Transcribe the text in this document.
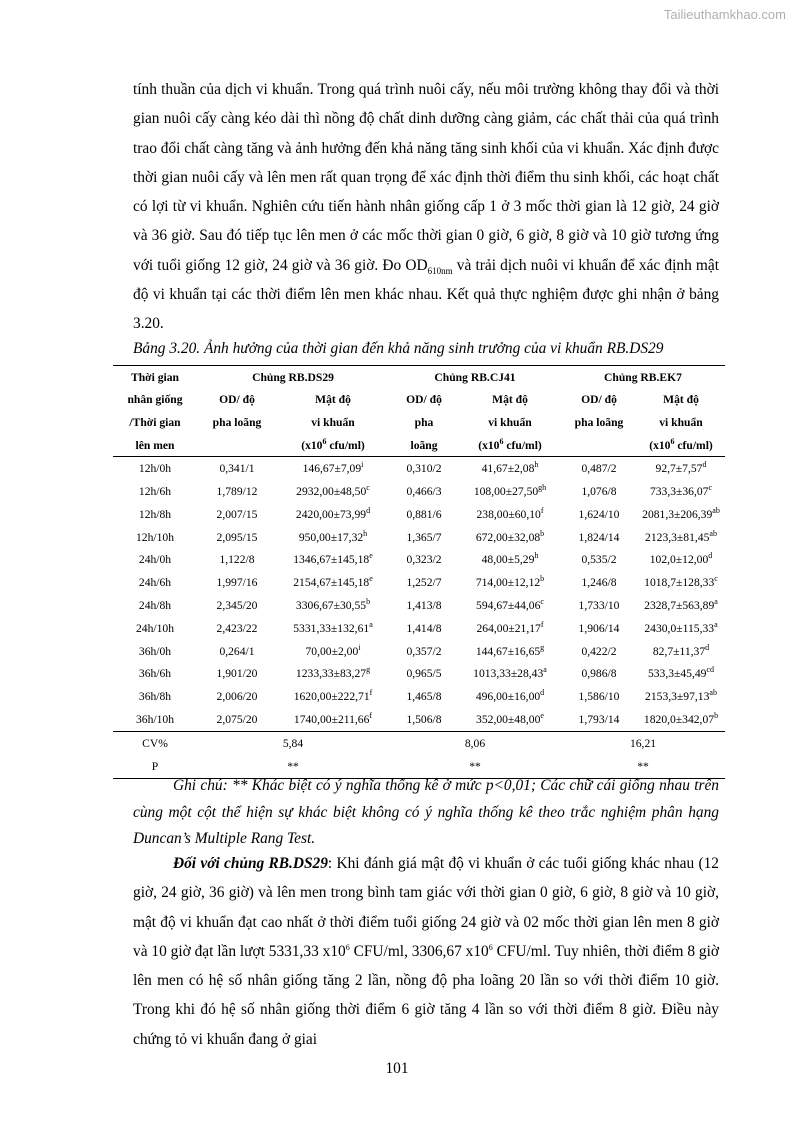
Tailieuthamkhao.com

tính thuần của dịch vi khuẩn. Trong quá trình nuôi cấy, nếu môi trường không thay đổi và thời gian nuôi cấy càng kéo dài thì nồng độ chất dinh dưỡng càng giảm, các chất thải của quá trình trao đổi chất càng tăng và ảnh hưởng đến khả năng tăng sinh khối của vi khuẩn. Xác định được thời gian nuôi cấy và lên men rất quan trọng để xác định thời điểm thu sinh khối, các hoạt chất có lợi từ vi khuẩn. Nghiên cứu tiến hành nhân giống cấp 1 ở 3 mốc thời gian là 12 giờ, 24 giờ và 36 giờ. Sau đó tiếp tục lên men ở các mốc thời gian 0 giờ, 6 giờ, 8 giờ và 10 giờ tương ứng với tuổi giống 12 giờ, 24 giờ và 36 giờ. Đo $OD_{610nm}$ và trải dịch nuôi vi khuẩn để xác định mật độ vi khuẩn tại các thời điểm lên men khác nhau. Kết quả thực nghiệm được ghi nhận ở bảng 3.20.

Bảng 3.20. Ảnh hưởng của thời gian đến khả năng sinh trưởng của vi khuẩn RB.DS29

Thời gian	Chủng RB.DS29		Chủng RB.CJ41		Chủng RB.EK7	
nhân giống	OD/ độ	Mật độ	OD/ độ	Mật độ	OD/ độ	Mật độ
/Thời gian	pha loãng	vi khuẩn	pha	vi khuẩn	pha loãng	vi khuẩn
lên men		($x10^6$ cfu/ml)	loãng	($x10^6$ cfu/ml)		($x10^6$ cfu/ml)
12h/0h	0,341/1	$146,67\pm 7,09^i$	0,310/2	41,67±2,08$^h$	0,487/2	92,7±7,57$^d$
12h/6h	1,789/12	2932,00±48,50$^c$	0,466/3	108,00±27,50$^{gh}$	1,076/8	733,3±36,07$^c$
12h/8h	2,007/15	2420,00±73,99$^d$	0,881/6	238,00±60,10$^f$	1,624/10	2081,3±206,39$^{ab}$
12h/10h	2,095/15	950,00±17,32$^h$	1,365/7	672,00±32,08$^b$	1,824/14	2123,3±81,45$^{ab}$
24h/0h	1,122/8	1346,67±145,18$^e$	0,323/2	48,00±5,29$^h$	0,535/2	102,0±12,00$^d$
24h/6h	1,997/16	2154,67±145,18$^e$	1,252/7	714,00±12,12$^b$	1,246/8	1018,7±128,33$^c$
24h/8h	2,345/20	3306,67±30,55$^b$	1,413/8	594,67±44,06$^c$	1,733/10	2328,7±563,89$^a$
24h/10h	2,423/22	5331,33±132,61$^a$	1,414/8	264,00±21,17$^f$	1,906/14	2430,0±115,33$^a$
36h/0h	0,264/1	$70,00\pm 2,00^i$	0,357/2	144,67±16,65$^g$	0,422/2	82,7±11,37$^d$
36h/6h	1,901/20	1233,33±83,27$^g$	0,965/5	1013,33±28,43$^a$	0,986/8	533,3±45,49$^{cd}$
36h/8h	2,006/20	1620,00±222,71$^f$	1,465/8	496,00±16,00$^d$	1,586/10	2153,3±97,13$^{ab}$
36h/10h	2,075/20	1740,00±211,66$^f$	1,506/8	352,00±48,00$^e$	1,793/14	1820,0±342,07$^b$
CV%	5,84		8,06		16,21	
P	**		**		**	

Ghi chú: ** Khác biệt có ý nghĩa thống kê ở mức p<0,01; Các chữ cái giống nhau trên cùng một cột thể hiện sự khác biệt không có ý nghĩa thống kê theo trắc nghiệm phân hạng Duncan’s Multiple Rang Test.

Đối với chủng RB.DS29: Khi đánh giá mật độ vi khuẩn ở các tuổi giống khác nhau (12 giờ, 24 giờ, 36 giờ) và lên men trong bình tam giác với thời gian 0 giờ, 6 giờ, 8 giờ và 10 giờ, mật độ vi khuẩn đạt cao nhất ở thời điểm tuổi giống 24 giờ và 02 mốc thời gian lên men 8 giờ và 10 giờ đạt lần lượt 5331,33 $x10^6$ CFU/ml, 3306,67 $x10^6$ CFU/ml. Tuy nhiên, thời điểm 8 giờ lên men có hệ số nhân giống tăng 2 lần, nồng độ pha loãng 20 lần so với thời điểm 10 giờ. Trong khi đó hệ số nhân giống thời điểm 6 giờ tăng 4 lần so với thời điểm 8 giờ. Điều này chứng tỏ vi khuẩn đang ở giai

101
